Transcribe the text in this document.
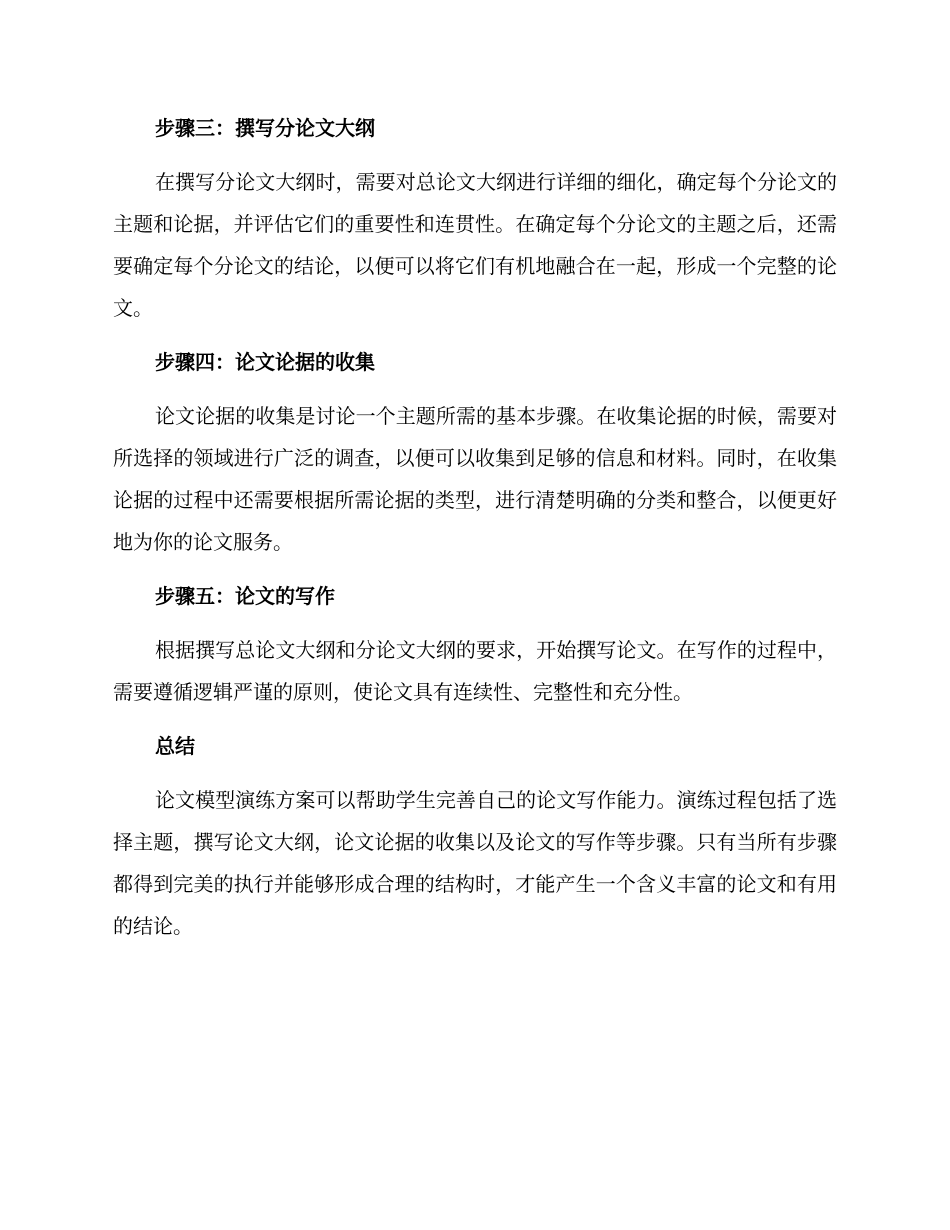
步骤三：撰写分论文大纲

在撰写分论文大纲时，需要对总论文大纲进行详细的细化，确定每个分论文的主题和论据，并评估它们的重要性和连贯性。在确定每个分论文的主题之后，还需要确定每个分论文的结论，以便可以将它们有机地融合在一起，形成一个完整的论文。

步骤四：论文论据的收集

论文论据的收集是讨论一个主题所需的基本步骤。在收集论据的时候，需要对所选择的领域进行广泛的调查，以便可以收集到足够的信息和材料。同时，在收集论据的过程中还需要根据所需论据的类型，进行清楚明确的分类和整合，以便更好地为你的论文服务。

步骤五：论文的写作

根据撰写总论文大纲和分论文大纲的要求，开始撰写论文。在写作的过程中，需要遵循逻辑严谨的原则，使论文具有连续性、完整性和充分性。

总结

论文模型演练方案可以帮助学生完善自己的论文写作能力。演练过程包括了选择主题，撰写论文大纲，论文论据的收集以及论文的写作等步骤。只有当所有步骤都得到完美的执行并能够形成合理的结构时，才能产生一个含义丰富的论文和有用的结论。
